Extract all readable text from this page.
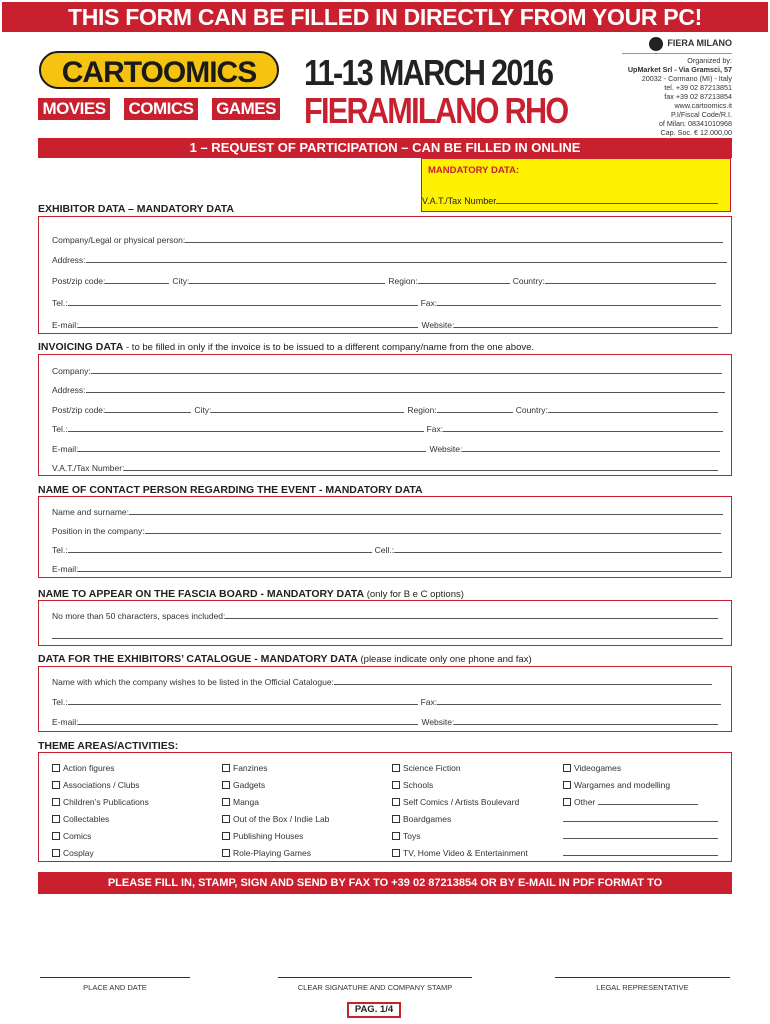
THIS FORM CAN BE FILLED IN DIRECTLY FROM YOUR PC!
CARTOOMICS
MOVIES COMICS GAMES
11-13 MARCH 2016
FIERAMILANO RHO
FIERA MILANO
Organized by:
UpMarket Srl - Via Gramsci, 57
20032 - Cormano (MI) - Italy
tel. +39 02 87213851
fax +39 02 87213854
www.cartoomics.it
P.I/Fiscal Code/R.I.
of Milan: 08341010968
Cap. Soc. € 12.000,00
1 – REQUEST OF PARTICIPATION – CAN BE FILLED IN ONLINE
MANDATORY DATA:
V.A.T./Tax Number
EXHIBITOR DATA – MANDATORY DATA
Company/Legal or physical person:
Address:
Post/zip code:	City:	Region:	Country:
Tel.:	Fax:
E-mail:	Website:
INVOICING DATA - to be filled in only if the invoice is to be issued to a different company/name from the one above.
Company:
Address:
Post/zip code:	City:	Region:	Country:
Tel.:	Fax:
E-mail:	Website:
V.A.T./Tax Number:
NAME OF CONTACT PERSON REGARDING THE EVENT - MANDATORY DATA
Name and surname:
Position in the company:
Tel.:	Cell.:
E-mail:
NAME TO APPEAR ON THE FASCIA BOARD - MANDATORY DATA (only for B e C options)
No more than 50 characters, spaces included:
DATA FOR THE EXHIBITORS’ CATALOGUE - MANDATORY DATA (please indicate only one phone and fax)
Name with which the company wishes to be listed in the Official Catalogue:
Tel.:	Fax:
E-mail:	Website:
THEME AREAS/ACTIVITIES:
Action figures
Associations / Clubs
Children’s Publications
Collectables
Comics
Cosplay
Fanzines
Gadgets
Manga
Out of the Box / Indie Lab
Publishing Houses
Role-Playing Games
Science Fiction
Schools
Self Comics / Artists Boulevard
Boardgames
Toys
TV, Home Video & Entertainment
Videogames
Wargames and modelling
Other
PLEASE FILL IN, STAMP, SIGN AND SEND BY FAX TO +39 02 87213854 OR BY E-MAIL IN PDF FORMAT TO CARTOOMICS@UPMARKETSRL.IT
PLACE AND DATE	CLEAR SIGNATURE AND COMPANY STAMP	LEGAL REPRESENTATIVE
PAG. 1/4
